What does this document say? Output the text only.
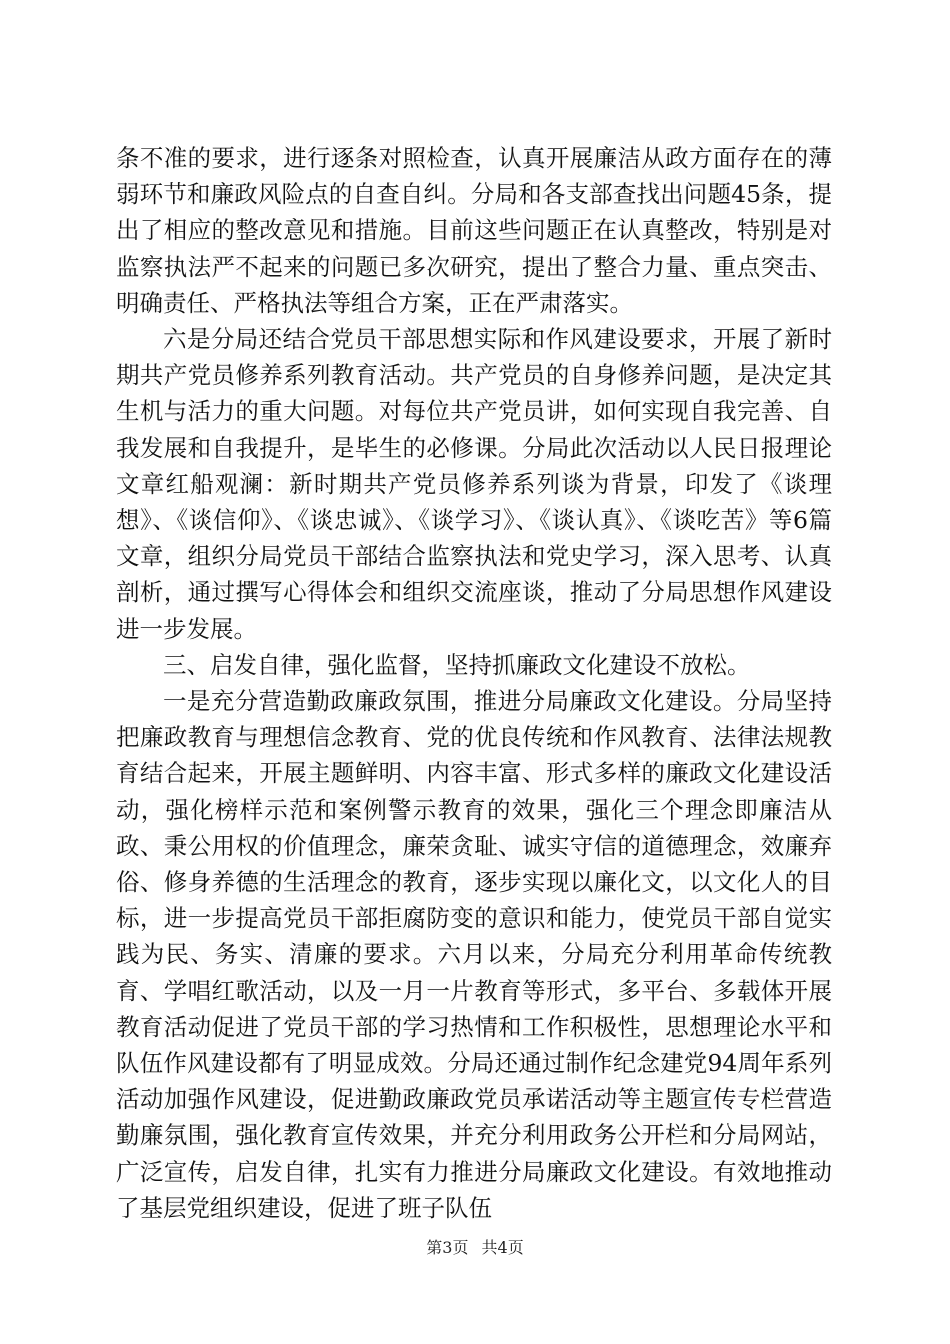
条不准的要求，进行逐条对照检查，认真开展廉洁从政方面存在的薄弱环节和廉政风险点的自查自纠。分局和各支部查找出问题45条，提出了相应的整改意见和措施。目前这些问题正在认真整改，特别是对监察执法严不起来的问题已多次研究，提出了整合力量、重点突击、明确责任、严格执法等组合方案，正在严肃落实。

六是分局还结合党员干部思想实际和作风建设要求，开展了新时期共产党员修养系列教育活动。共产党员的自身修养问题，是决定其生机与活力的重大问题。对每位共产党员讲，如何实现自我完善、自我发展和自我提升，是毕生的必修课。分局此次活动以人民日报理论文章红船观澜：新时期共产党员修养系列谈为背景，印发了《谈理想》、《谈信仰》、《谈忠诚》、《谈学习》、《谈认真》、《谈吃苦》等6篇文章，组织分局党员干部结合监察执法和党史学习，深入思考、认真剖析，通过撰写心得体会和组织交流座谈，推动了分局思想作风建设进一步发展。

三、启发自律，强化监督，坚持抓廉政文化建设不放松。

一是充分营造勤政廉政氛围，推进分局廉政文化建设。分局坚持把廉政教育与理想信念教育、党的优良传统和作风教育、法律法规教育结合起来，开展主题鲜明、内容丰富、形式多样的廉政文化建设活动，强化榜样示范和案例警示教育的效果，强化三个理念即廉洁从政、秉公用权的价值理念，廉荣贪耻、诚实守信的道德理念，效廉弃俗、修身养德的生活理念的教育，逐步实现以廉化文，以文化人的目标，进一步提高党员干部拒腐防变的意识和能力，使党员干部自觉实践为民、务实、清廉的要求。六月以来，分局充分利用革命传统教育、学唱红歌活动，以及一月一片教育等形式，多平台、多载体开展教育活动促进了党员干部的学习热情和工作积极性，思想理论水平和队伍作风建设都有了明显成效。分局还通过制作纪念建党94周年系列活动加强作风建设，促进勤政廉政党员承诺活动等主题宣传专栏营造勤廉氛围，强化教育宣传效果，并充分利用政务公开栏和分局网站，广泛宣传，启发自律，扎实有力推进分局廉政文化建设。有效地推动了基层党组织建设，促进了班子队伍

第3页 共4页
